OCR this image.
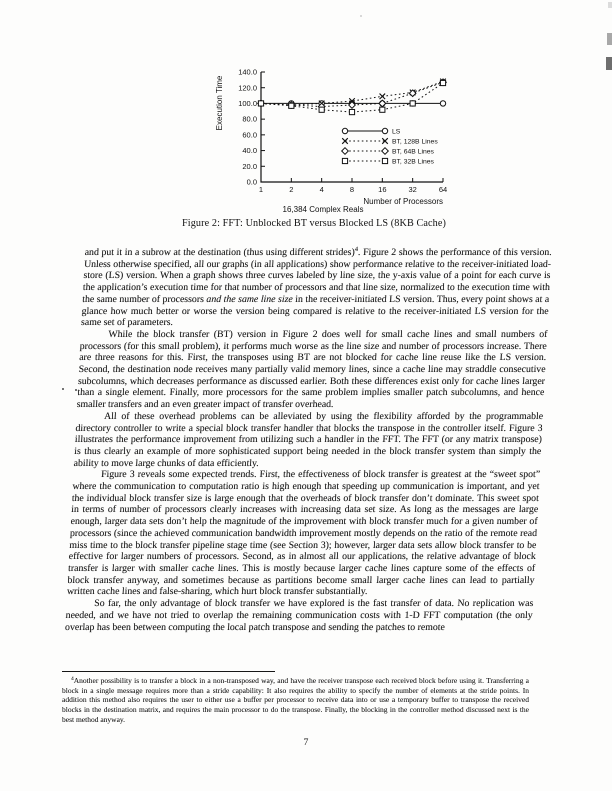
0.0
20.0
40.0
60.0
80.0
100.0
120.0
140.0
1	2	4	8	16	32	64
Number of Processors
Execution Time
LS
BT, 128B Lines
BT, 64B Lines
BT, 32B Lines
16,384 Complex Reals
Figure 2: FFT: Unblocked BT versus Blocked LS (8KB Cache)

and put it in a subrow at the destination (thus using different strides)$^4$. Figure 2 shows the performance of this version. Unless otherwise specified, all our graphs (in all applications) show performance relative to the receiver-initiated load-store (LS) version. When a graph shows three curves labeled by line size, the y-axis value of a point for each curve is the application’s execution time for that number of processors and that line size, normalized to the execution time with the same number of processors and the same line size in the receiver-initiated LS version. Thus, every point shows at a glance how much better or worse the version being compared is relative to the receiver-initiated LS version for the same set of parameters.

While the block transfer (BT) version in Figure 2 does well for small cache lines and small numbers of processors (for this small problem), it performs much worse as the line size and number of processors increase. There are three reasons for this. First, the transposes using BT are not blocked for cache line reuse like the LS version. Second, the destination node receives many partially valid memory lines, since a cache line may straddle consecutive subcolumns, which decreases performance as discussed earlier. Both these differences exist only for cache lines larger than a single element. Finally, more processors for the same problem implies smaller patch subcolumns, and hence smaller transfers and an even greater impact of transfer overhead.

All of these overhead problems can be alleviated by using the flexibility afforded by the programmable directory controller to write a special block transfer handler that blocks the transpose in the controller itself. Figure 3 illustrates the performance improvement from utilizing such a handler in the FFT. The FFT (or any matrix transpose) is thus clearly an example of more sophisticated support being needed in the block transfer system than simply the ability to move large chunks of data efficiently.

Figure 3 reveals some expected trends. First, the effectiveness of block transfer is greatest at the “sweet spot” where the communication to computation ratio is high enough that speeding up communication is important, and yet the individual block transfer size is large enough that the overheads of block transfer don’t dominate. This sweet spot in terms of number of processors clearly increases with increasing data set size. As long as the messages are large enough, larger data sets don’t help the magnitude of the improvement with block transfer much for a given number of processors (since the achieved communication bandwidth improvement mostly depends on the ratio of the remote read miss time to the block transfer pipeline stage time (see Section 3); however, larger data sets allow block transfer to be effective for larger numbers of processors. Second, as in almost all our applications, the relative advantage of block transfer is larger with smaller cache lines. This is mostly because larger cache lines capture some of the effects of block transfer anyway, and sometimes because as partitions become small larger cache lines can lead to partially written cache lines and false-sharing, which hurt block transfer substantially.

So far, the only advantage of block transfer we have explored is the fast transfer of data. No replication was needed, and we have not tried to overlap the remaining communication costs with 1-D FFT computation (the only overlap has been between computing the local patch transpose and sending the patches to remote

$^4$Another possibility is to transfer a block in a non-transposed way, and have the receiver transpose each received block before using it. Transferring a block in a single message requires more than a stride capability: It also requires the ability to specify the number of elements at the stride points. In addition this method also requires the user to either use a buffer per processor to receive data into or use a temporary buffer to transpose the received blocks in the destination matrix, and requires the main processor to do the transpose. Finally, the blocking in the controller method discussed next is the best method anyway.

7
